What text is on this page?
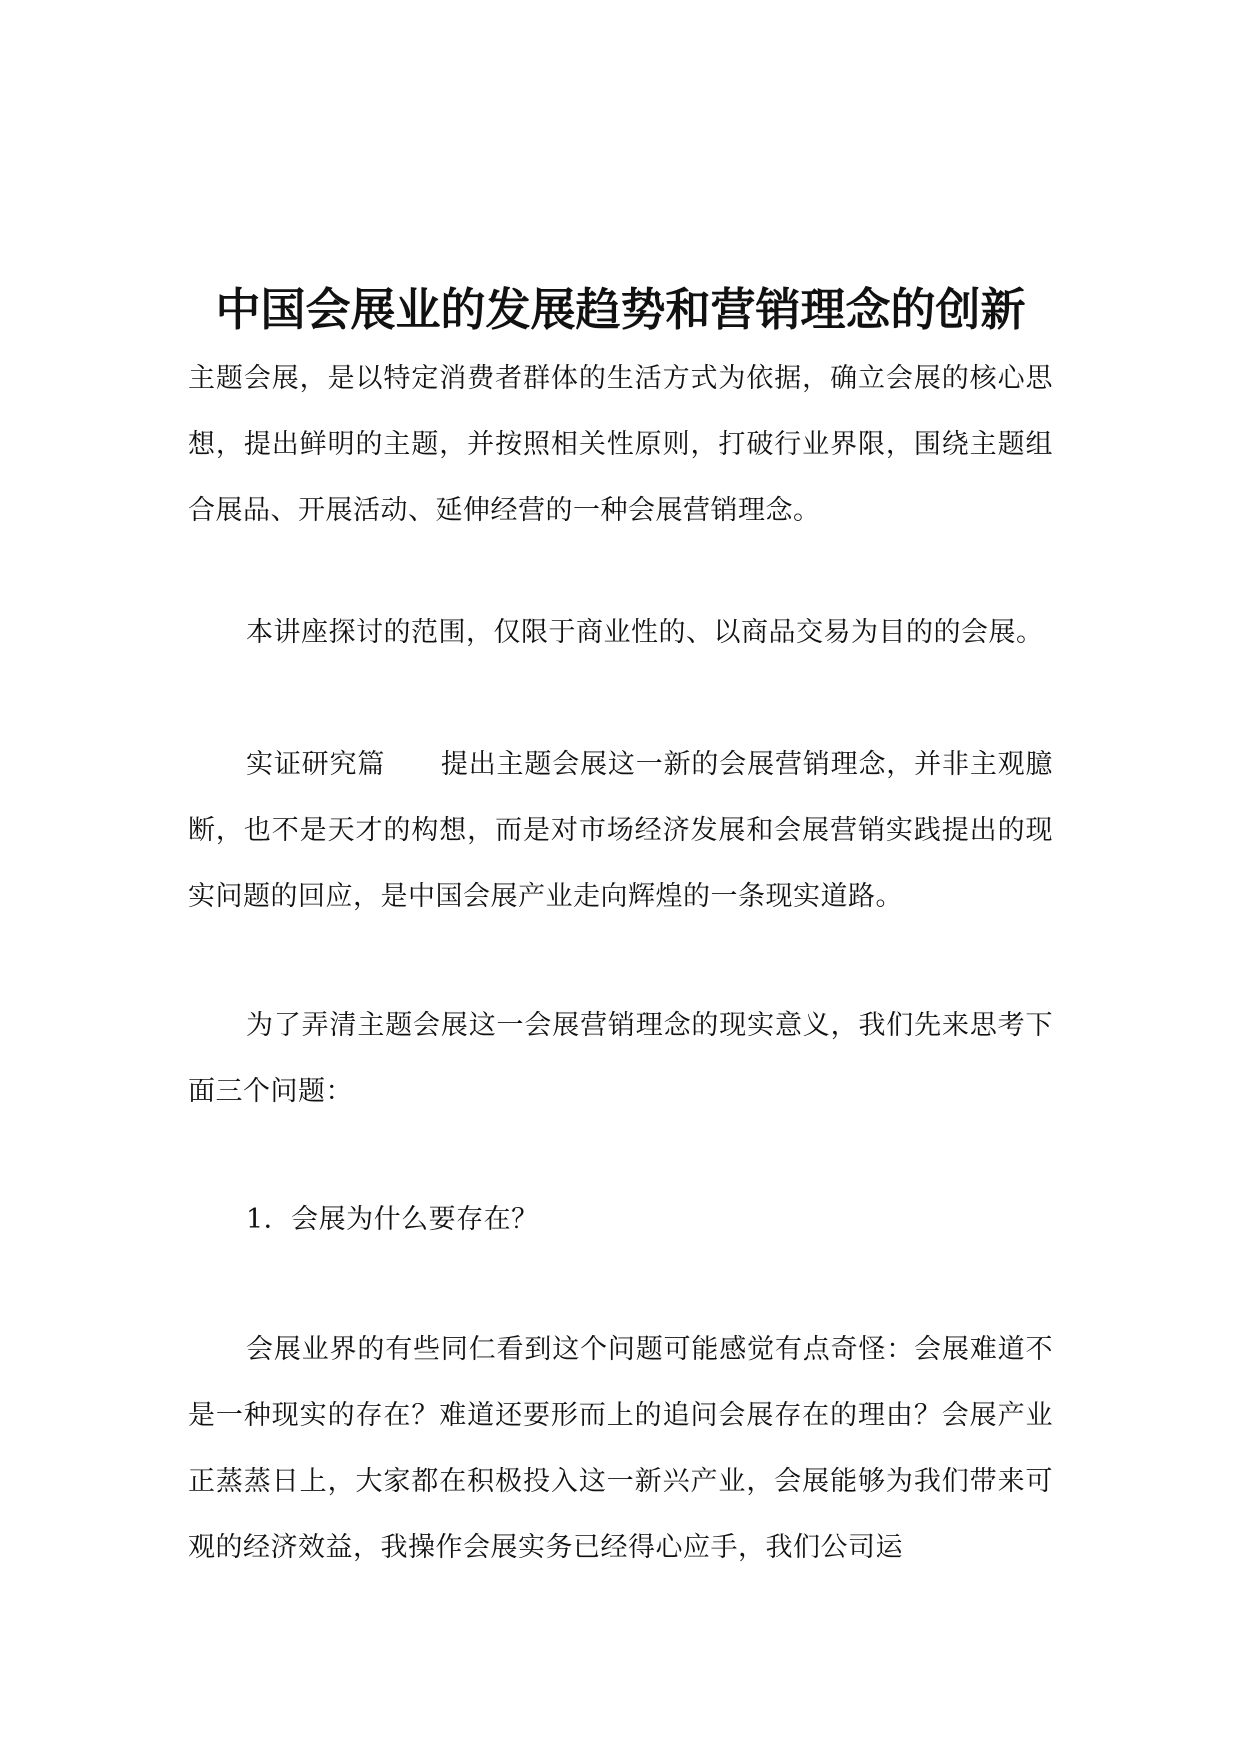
中国会展业的发展趋势和营销理念的创新

主题会展，是以特定消费者群体的生活方式为依据，确立会展的核心思想，提出鲜明的主题，并按照相关性原则，打破行业界限，围绕主题组合展品、开展活动、延伸经营的一种会展营销理念。

本讲座探讨的范围，仅限于商业性的、以商品交易为目的的会展。

实证研究篇　　提出主题会展这一新的会展营销理念，并非主观臆断，也不是天才的构想，而是对市场经济发展和会展营销实践提出的现实问题的回应，是中国会展产业走向辉煌的一条现实道路。

为了弄清主题会展这一会展营销理念的现实意义，我们先来思考下面三个问题：

1．会展为什么要存在？

会展业界的有些同仁看到这个问题可能感觉有点奇怪：会展难道不是一种现实的存在？难道还要形而上的追问会展存在的理由？会展产业正蒸蒸日上，大家都在积极投入这一新兴产业，会展能够为我们带来可观的经济效益，我操作会展实务已经得心应手，我们公司运
